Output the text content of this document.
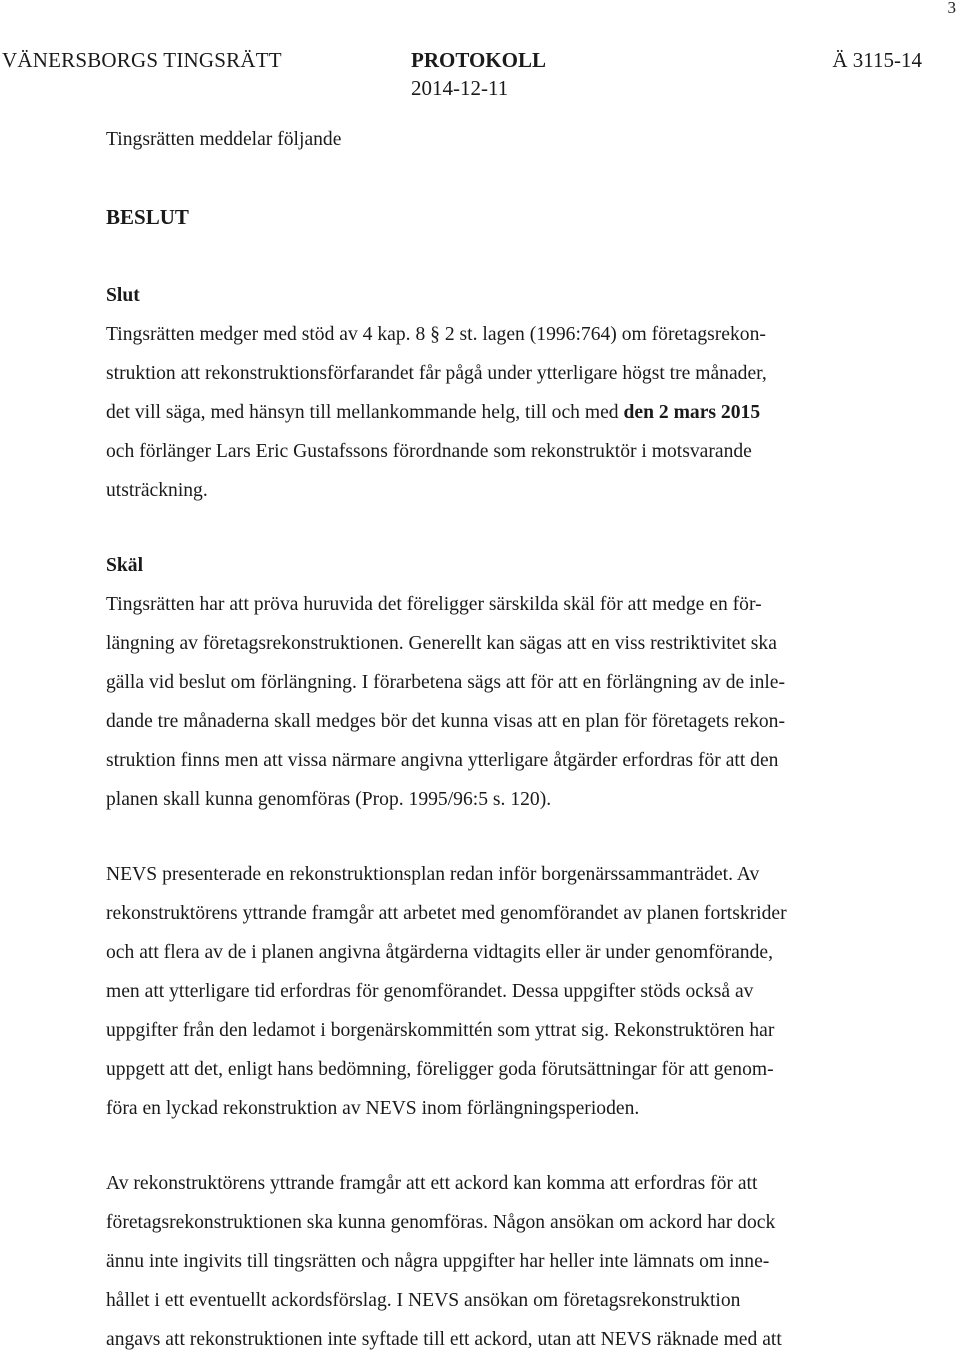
3
VÄNERSBORGS TINGSRÄTT	PROTOKOLL
2014-12-11
Ä 3115-14

Tingsrätten meddelar följande

BESLUT

Slut

Tingsrätten medger med stöd av 4 kap. 8 § 2 st. lagen (1996:764) om företagsrekon-

struktion att rekonstruktionsförfarandet får pågå under ytterligare högst tre månader,

det vill säga, med hänsyn till mellankommande helg, till och med den 2 mars 2015

och förlänger Lars Eric Gustafssons förordnande som rekonstruktör i motsvarande

utsträckning.

Skäl

Tingsrätten har att pröva huruvida det föreligger särskilda skäl för att medge en för-

längning av företagsrekonstruktionen. Generellt kan sägas att en viss restriktivitet ska

gälla vid beslut om förlängning. I förarbetena sägs att för att en förlängning av de inle-

dande tre månaderna skall medges bör det kunna visas att en plan för företagets rekon-

struktion finns men att vissa närmare angivna ytterligare åtgärder erfordras för att den

planen skall kunna genomföras (Prop. 1995/96:5 s. 120).

NEVS presenterade en rekonstruktionsplan redan inför borgenärssammanträdet. Av

rekonstruktörens yttrande framgår att arbetet med genomförandet av planen fortskrider

och att flera av de i planen angivna åtgärderna vidtagits eller är under genomförande,

men att ytterligare tid erfordras för genomförandet. Dessa uppgifter stöds också av

uppgifter från den ledamot i borgenärskommittén som yttrat sig. Rekonstruktören har

uppgett att det, enligt hans bedömning, föreligger goda förutsättningar för att genom-

föra en lyckad rekonstruktion av NEVS inom förlängningsperioden.

Av rekonstruktörens yttrande framgår att ett ackord kan komma att erfordras för att

företagsrekonstruktionen ska kunna genomföras. Någon ansökan om ackord har dock

ännu inte ingivits till tingsrätten och några uppgifter har heller inte lämnats om inne-

hållet i ett eventuellt ackordsförslag. I NEVS ansökan om företagsrekonstruktion

angavs att rekonstruktionen inte syftade till ett ackord, utan att NEVS räknade med att
